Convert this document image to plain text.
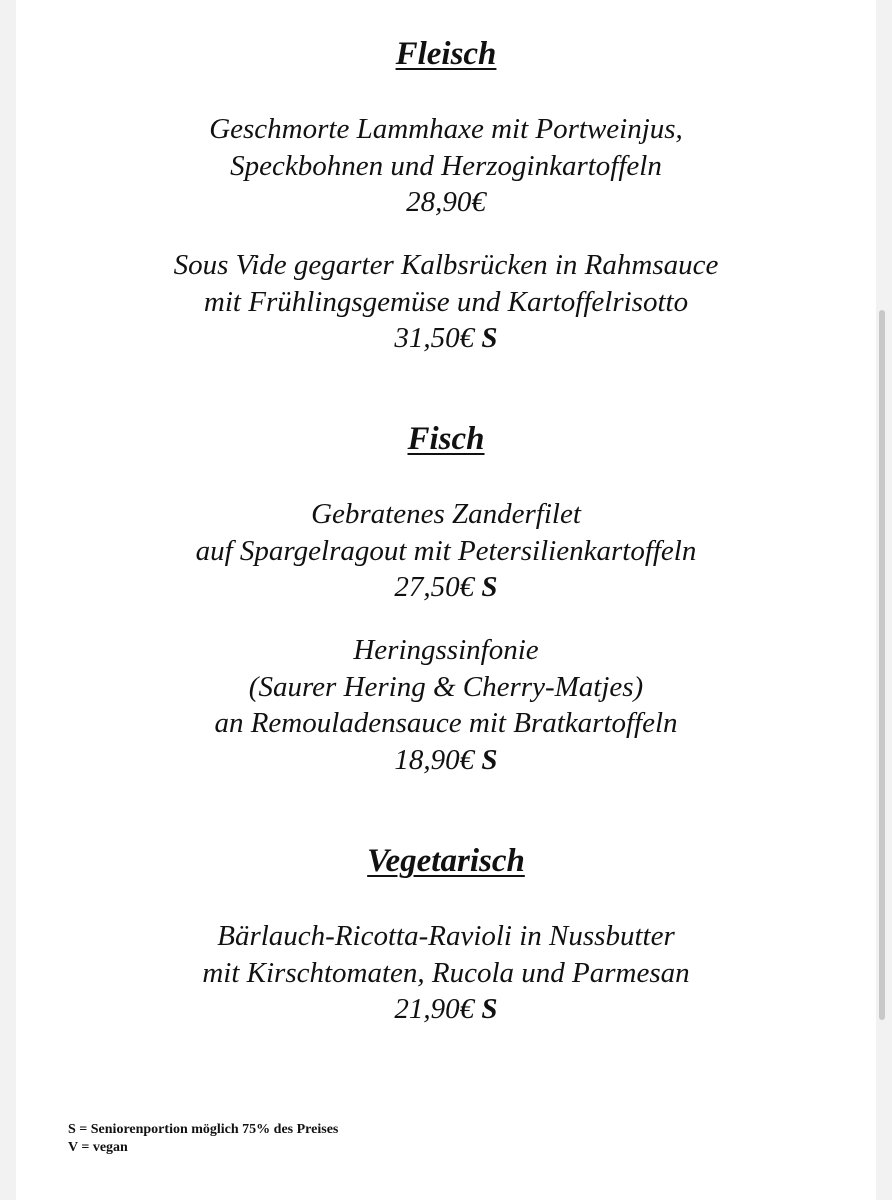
Fleisch
Geschmorte Lammhaxe mit Portweinjus,
Speckbohnen und Herzoginkartoffeln
28,90€
Sous Vide gegarter Kalbsrücken in Rahmsauce
mit Frühlingsgemüse und Kartoffelrisotto
31,50€ S
Fisch
Gebratenes Zanderfilet
auf Spargelragout mit Petersilienkartoffeln
27,50€ S
Heringssinfonie
(Saurer Hering & Cherry-Matjes)
an Remouladensauce mit Bratkartoffeln
18,90€ S
Vegetarisch
Bärlauch-Ricotta-Ravioli in Nussbutter
mit Kirschtomaten, Rucola und Parmesan
21,90€ S
S = Seniorenportion möglich 75% des Preises
V = vegan
